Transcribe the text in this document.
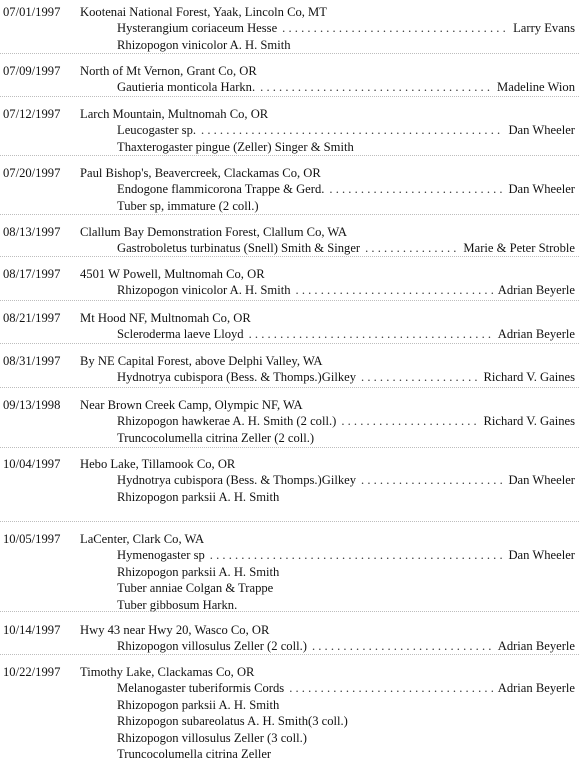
07/01/1997 Kootenai National Forest, Yaak, Lincoln Co, MT
Hysterangium coriaceum Hesse . . .	Larry Evans
Rhizopogon vinicolor A. H. Smith
07/09/1997 North of Mt Vernon, Grant Co, OR
Gautieria monticola Harkn. . . .	Madeline Wion
07/12/1997 Larch Mountain, Multnomah Co, OR
Leucogaster sp. . . .	Dan Wheeler
Thaxterogaster pingue (Zeller) Singer & Smith
07/20/1997 Paul Bishop's, Beavercreek, Clackamas Co, OR
Endogone flammicorona Trappe & Gerd. . . .	Dan Wheeler
Tuber sp, immature (2 coll.)
08/13/1997 Clallum Bay Demonstration Forest, Clallum Co, WA
Gastroboletus turbinatus (Snell) Smith & Singer . . .	Marie & Peter Stroble
08/17/1997 4501 W Powell, Multnomah Co, OR
Rhizopogon vinicolor A. H. Smith . . .	Adrian Beyerle
08/21/1997 Mt Hood NF, Multnomah Co, OR
Scleroderma laeve Lloyd . . .	Adrian Beyerle
08/31/1997 By NE Capital Forest, above Delphi Valley, WA
Hydnotrya cubispora (Bess. & Thomps.)Gilkey . . .	Richard V. Gaines
09/13/1998 Near Brown Creek Camp, Olympic NF, WA
Rhizopogon hawkerae A. H. Smith (2 coll.) . . .	Richard V. Gaines
Truncocolumella citrina Zeller (2 coll.)
10/04/1997 Hebo Lake, Tillamook Co, OR
Hydnotrya cubispora (Bess. & Thomps.)Gilkey . . .	Dan Wheeler
Rhizopogon parksii A. H. Smith
10/05/1997 LaCenter, Clark Co, WA
Hymenogaster sp . . .	Dan Wheeler
Rhizopogon parksii A. H. Smith
Tuber anniae Colgan & Trappe
Tuber gibbosum Harkn.
10/14/1997 Hwy 43 near Hwy 20, Wasco Co, OR
Rhizopogon villosulus Zeller (2 coll.) . . .	Adrian Beyerle
10/22/1997 Timothy Lake, Clackamas Co, OR
Melanogaster tuberiformis Cords . . .	Adrian Beyerle
Rhizopogon parksii A. H. Smith
Rhizopogon subareolatus A. H. Smith(3 coll.)
Rhizopogon villosulus Zeller (3 coll.)
Truncocolumella citrina Zeller
